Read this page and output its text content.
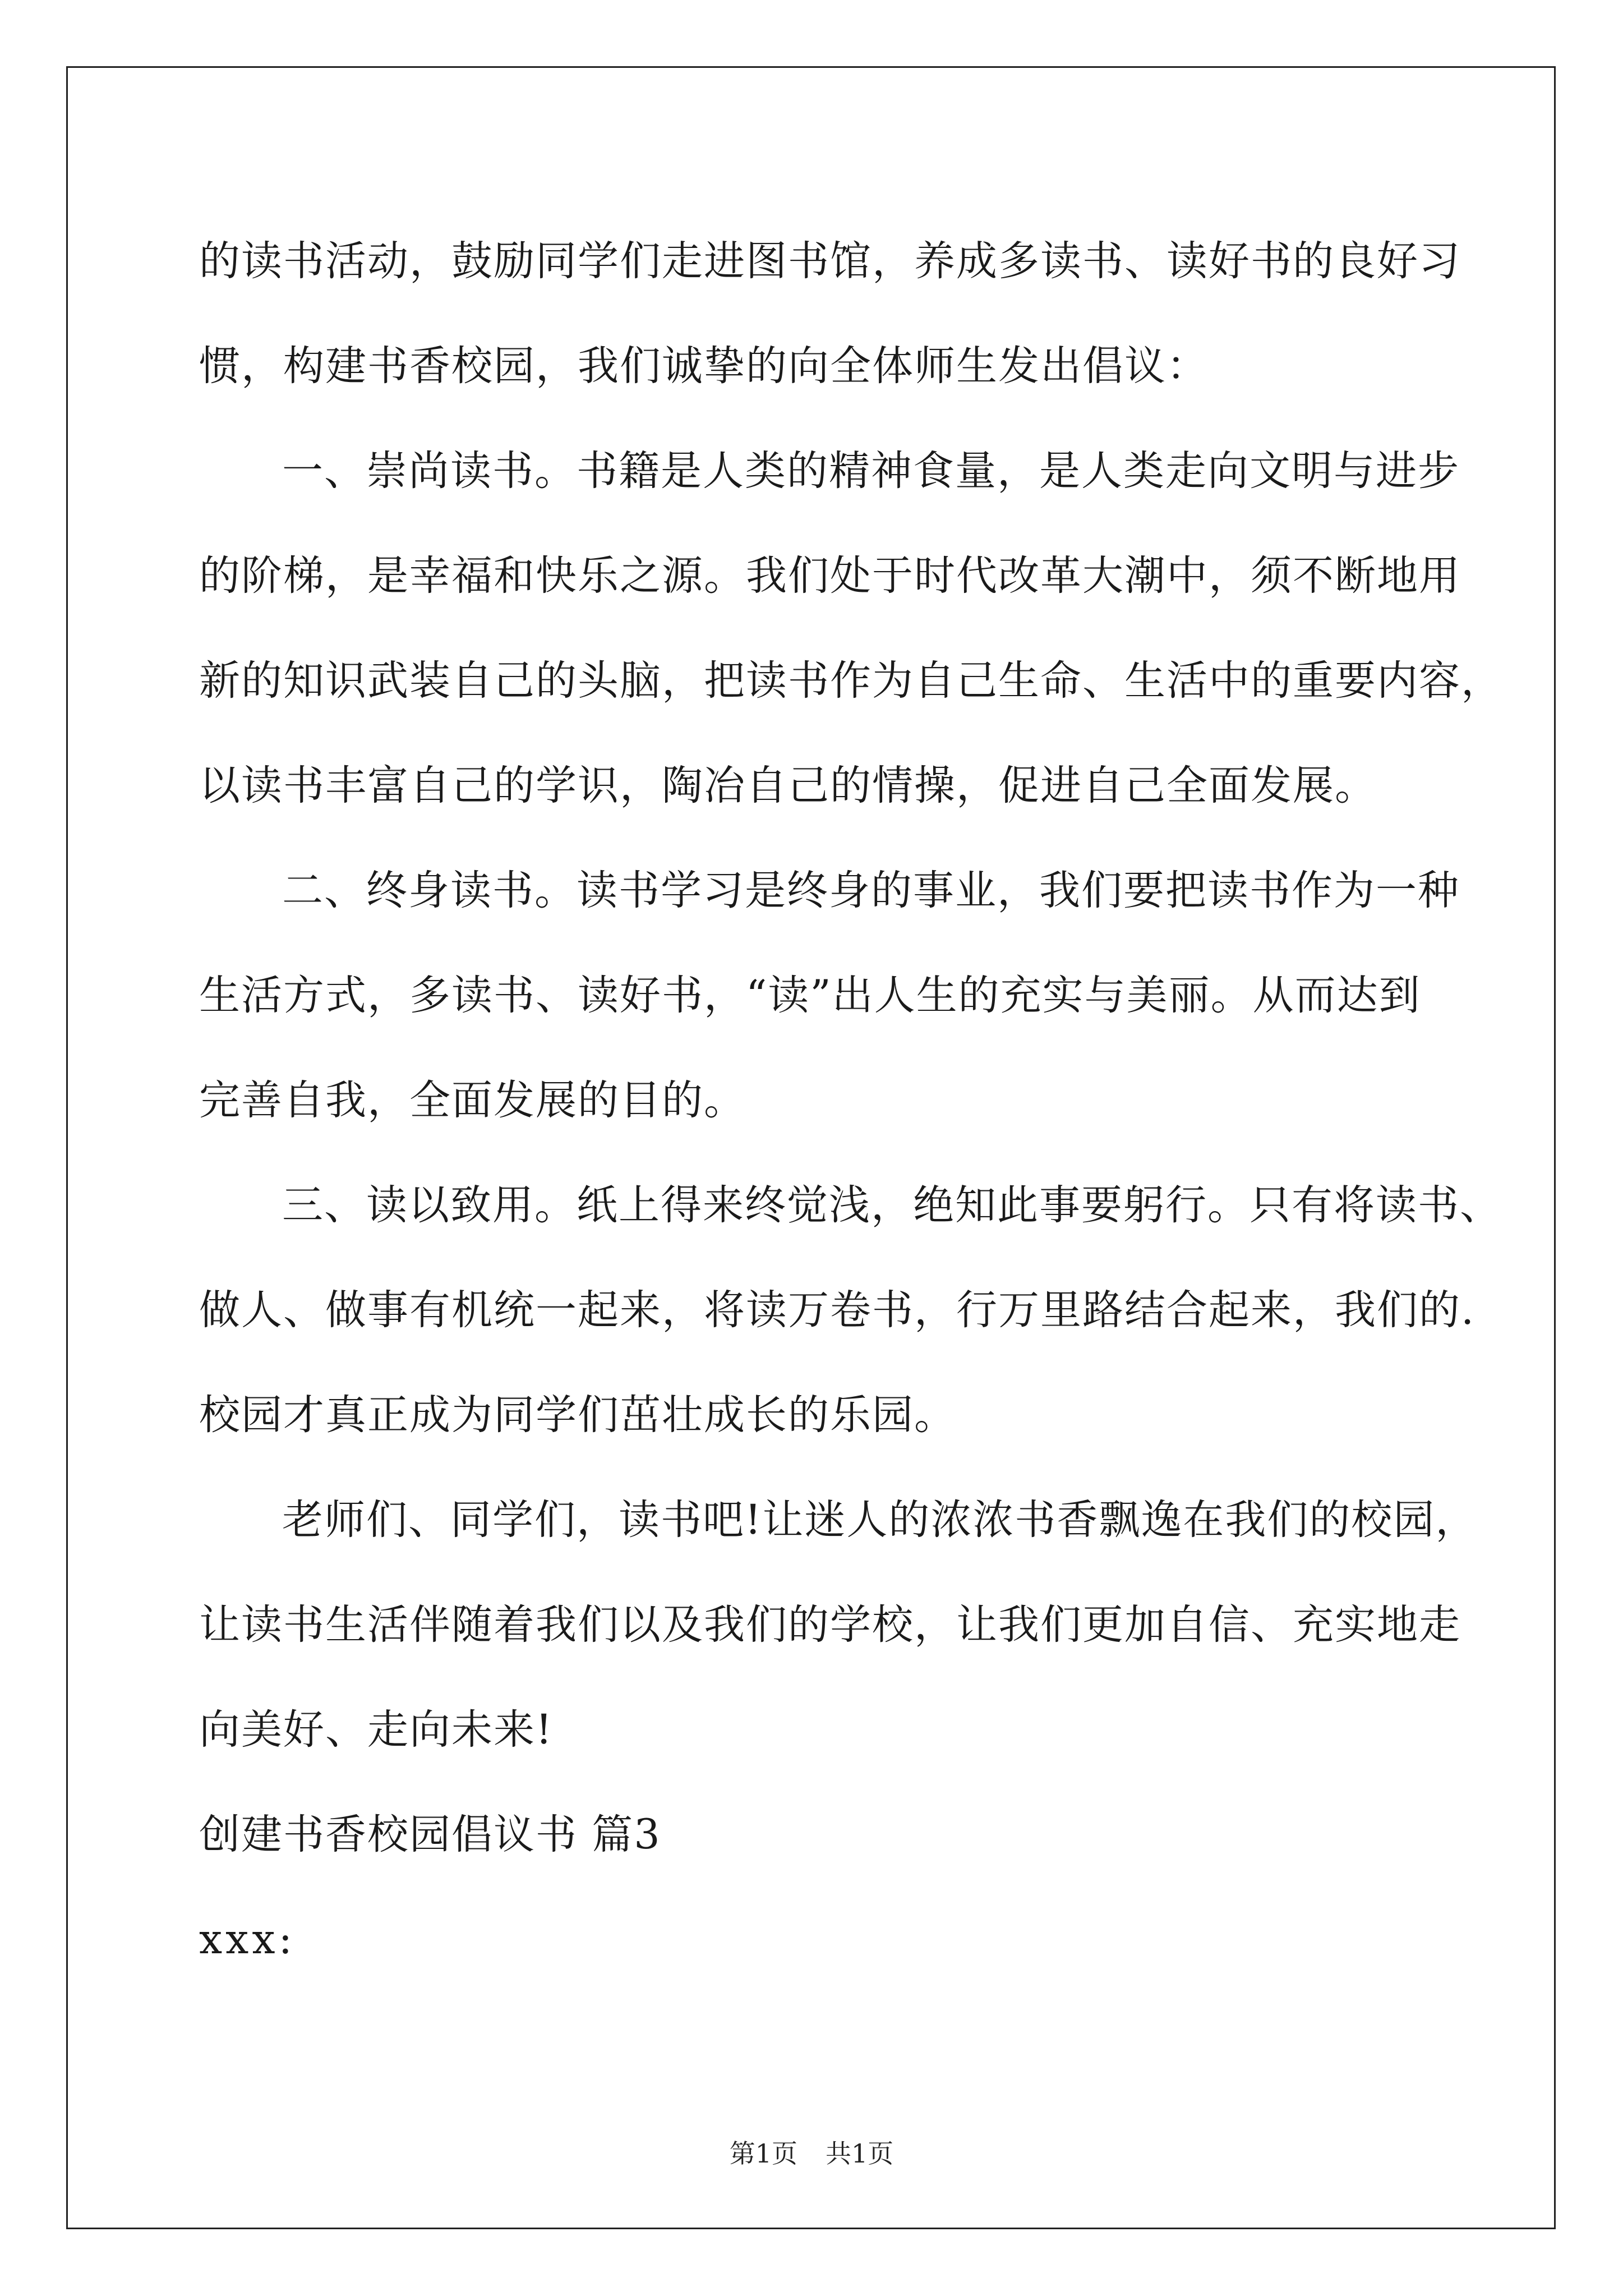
的读书活动，鼓励同学们走进图书馆，养成多读书、读好书的良好习
惯，构建书香校园，我们诚挚的向全体师生发出倡议：
一、崇尚读书。书籍是人类的精神食量，是人类走向文明与进步
的阶梯，是幸福和快乐之源。我们处于时代改革大潮中，须不断地用
新的知识武装自己的头脑，把读书作为自己生命、生活中的重要内容，
以读书丰富自己的学识，陶冶自己的情操，促进自己全面发展。
二、终身读书。读书学习是终身的事业，我们要把读书作为一种
生活方式，多读书、读好书，“读”出人生的充实与美丽。从而达到
完善自我，全面发展的目的。
三、读以致用。纸上得来终觉浅，绝知此事要躬行。只有将读书、
做人、做事有机统一起来，将读万卷书，行万里路结合起来，我们的.
校园才真正成为同学们茁壮成长的乐园。
老师们、同学们，读书吧!让迷人的浓浓书香飘逸在我们的校园，
让读书生活伴随着我们以及我们的学校，让我们更加自信、充实地走
向美好、走向未来!
创建书香校园倡议书 篇3
xxx:
第1页 共1页
